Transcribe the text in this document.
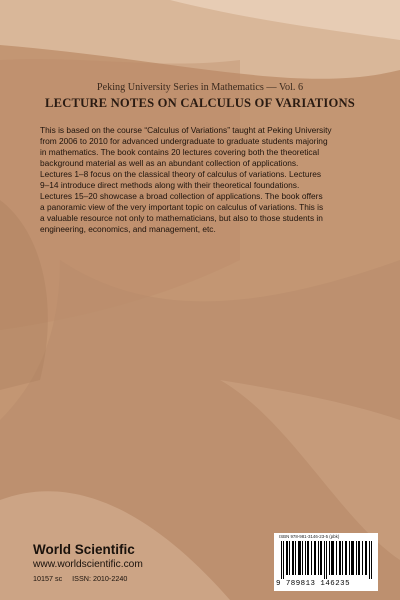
Peking University Series in Mathematics — Vol. 6
LECTURE NOTES ON CALCULUS OF VARIATIONS
This is based on the course “Calculus of Variations” taught at Peking University
from 2006 to 2010 for advanced undergraduate to graduate students majoring
in mathematics. The book contains 20 lectures covering both the theoretical
background material as well as an abundant collection of applications.
Lectures 1–8 focus on the classical theory of calculus of variations. Lectures
9–14 introduce direct methods along with their theoretical foundations.
Lectures 15–20 showcase a broad collection of applications. The book offers
a panoramic view of the very important topic on calculus of variations. This is
a valuable resource not only to mathematicians, but also to those students in
engineering, economics, and management, etc.
World Scientific
www.worldscientific.com
10157 sc ISSN: 2010-2240
ISBN 978-981-3146-23-5 (pbk)
9 789813 146235
